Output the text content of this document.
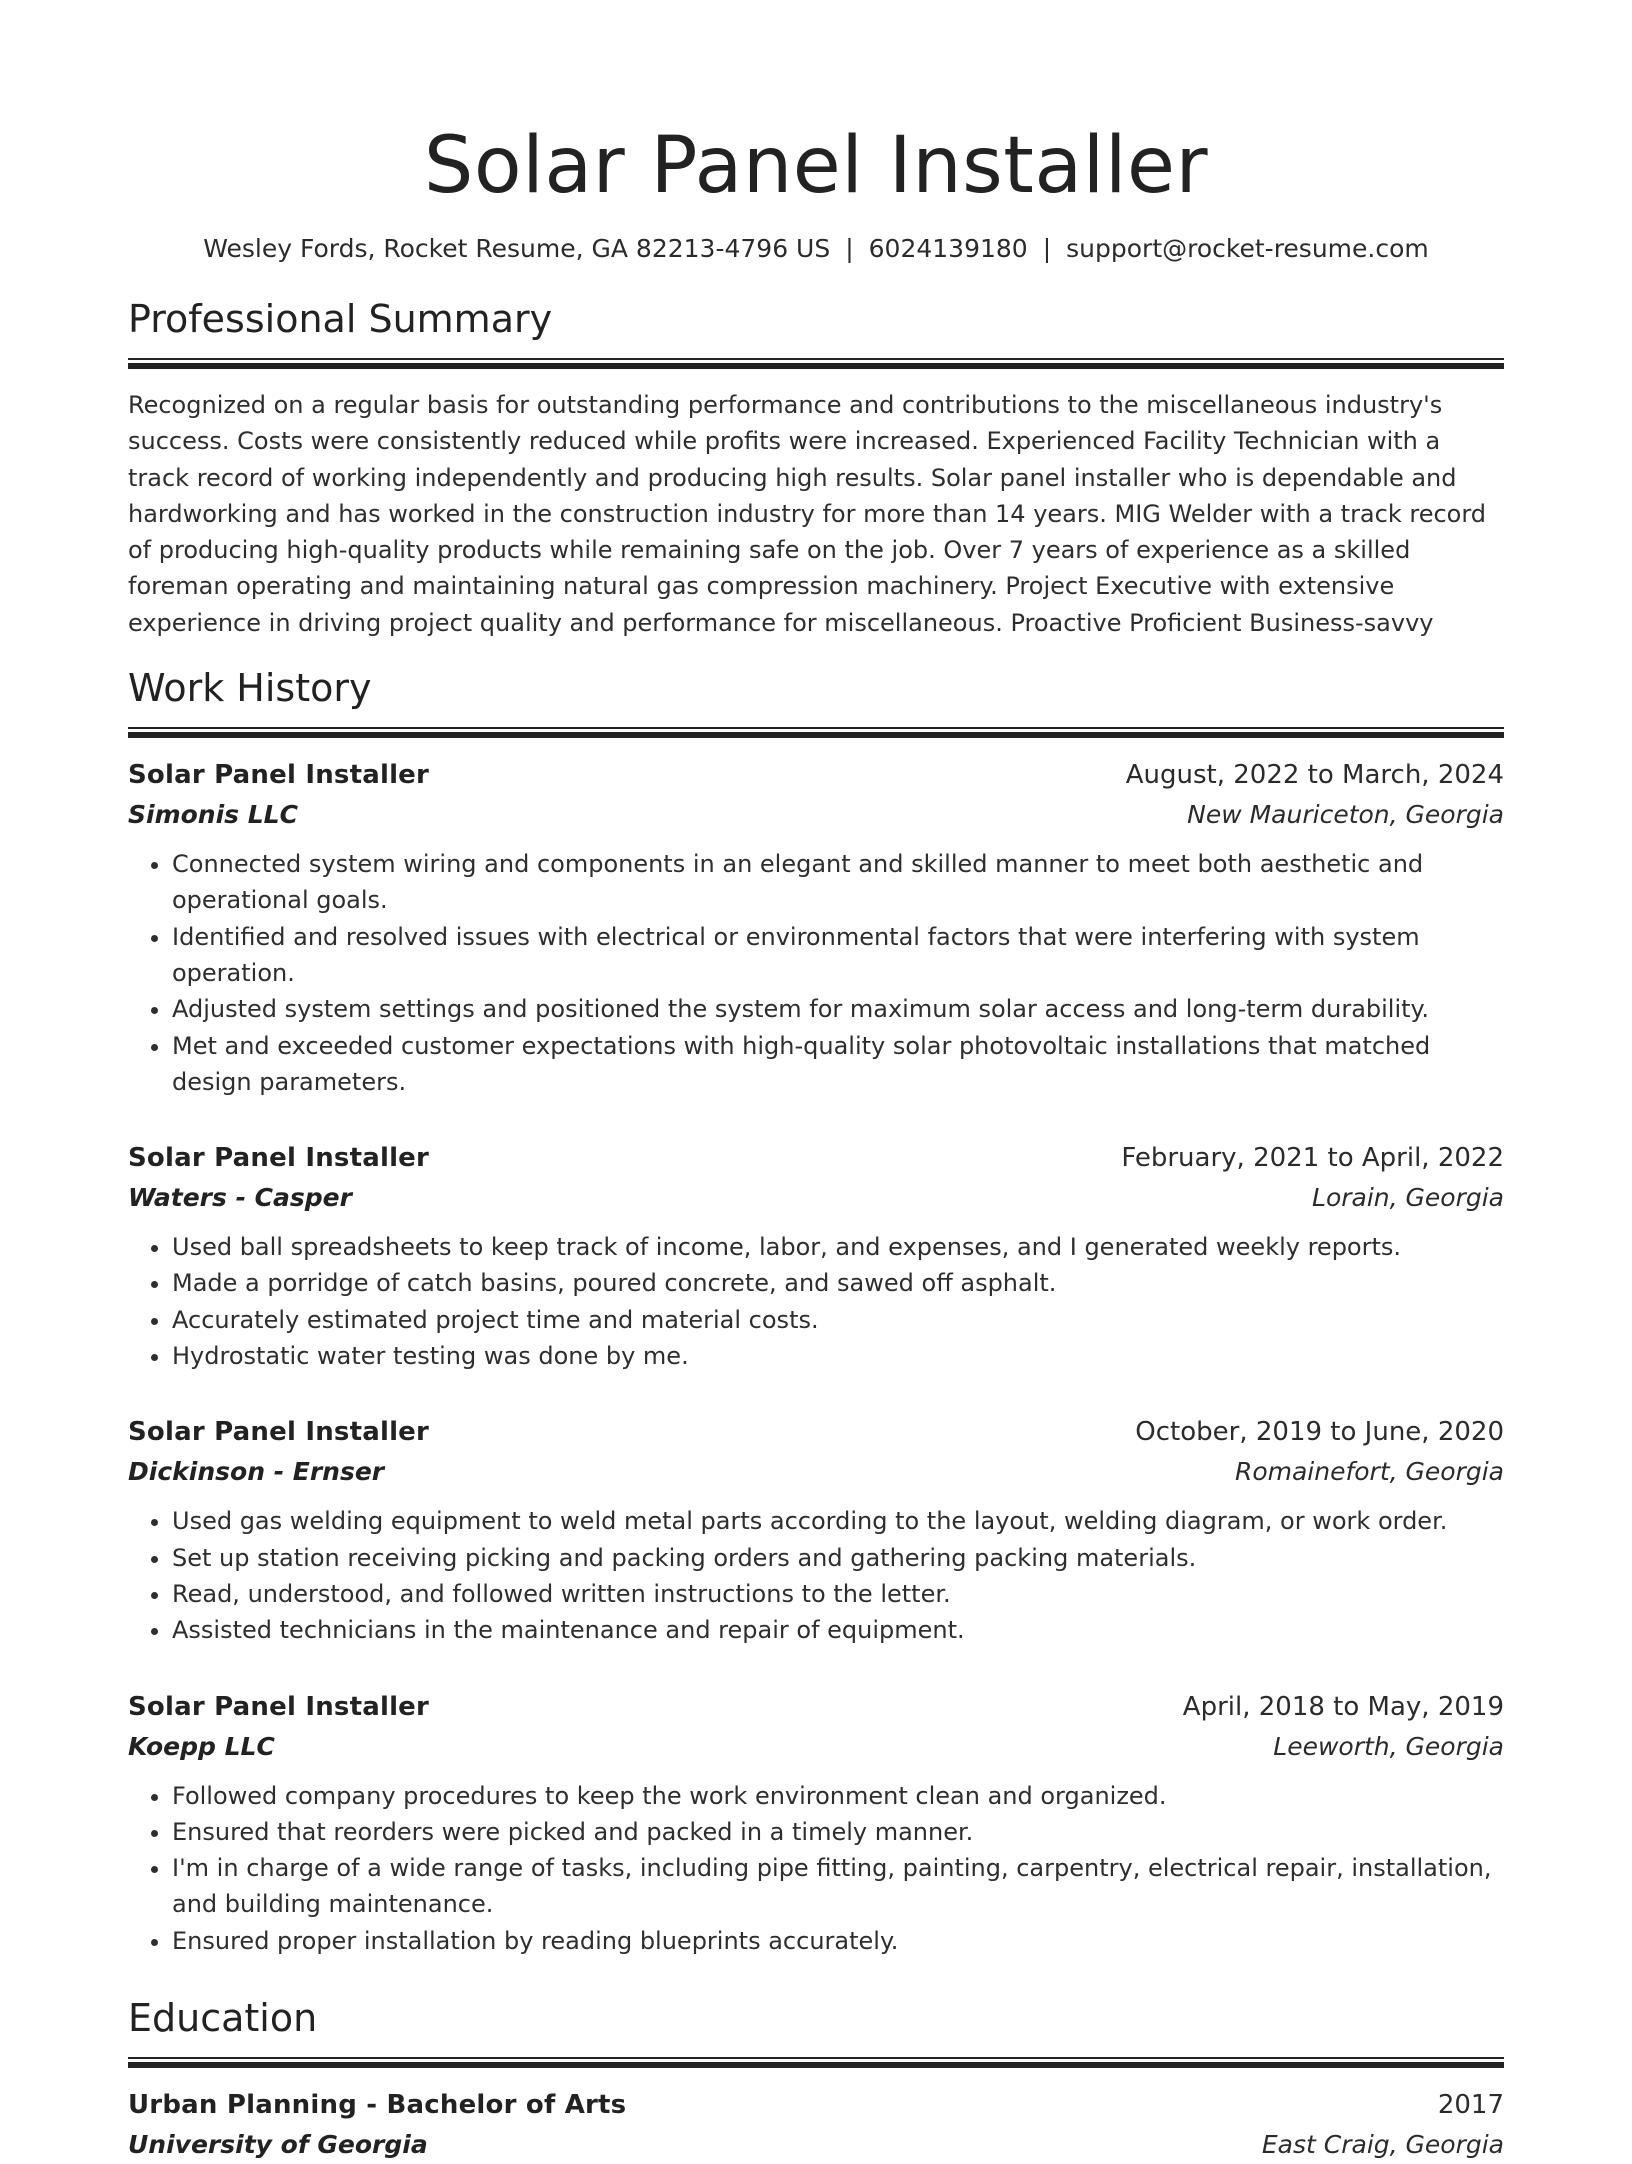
Solar Panel Installer
Wesley Fords, Rocket Resume, GA 82213-4796 US | 6024139180 | support@rocket-resume.com
Professional Summary

Recognized on a regular basis for outstanding performance and contributions to the miscellaneous industry's success. Costs were consistently reduced while profits were increased. Experienced Facility Technician with a track record of working independently and producing high results. Solar panel installer who is dependable and hardworking and has worked in the construction industry for more than 14 years. MIG Welder with a track record of producing high-quality products while remaining safe on the job. Over 7 years of experience as a skilled foreman operating and maintaining natural gas compression machinery. Project Executive with extensive experience in driving project quality and performance for miscellaneous. Proactive Proficient Business-savvy

Work History
Solar Panel Installer	August, 2022 to March, 2024
Simonis LLC	New Mauriceton, Georgia
• Connected system wiring and components in an elegant and skilled manner to meet both aesthetic and operational goals.
• Identified and resolved issues with electrical or environmental factors that were interfering with system operation.
• Adjusted system settings and positioned the system for maximum solar access and long-term durability.
• Met and exceeded customer expectations with high-quality solar photovoltaic installations that matched design parameters.
Solar Panel Installer	February, 2021 to April, 2022
Waters - Casper	Lorain, Georgia
• Used ball spreadsheets to keep track of income, labor, and expenses, and I generated weekly reports.
• Made a porridge of catch basins, poured concrete, and sawed off asphalt.
• Accurately estimated project time and material costs.
• Hydrostatic water testing was done by me.
Solar Panel Installer	October, 2019 to June, 2020
Dickinson - Ernser	Romainefort, Georgia
• Used gas welding equipment to weld metal parts according to the layout, welding diagram, or work order.
• Set up station receiving picking and packing orders and gathering packing materials.
• Read, understood, and followed written instructions to the letter.
• Assisted technicians in the maintenance and repair of equipment.
Solar Panel Installer	April, 2018 to May, 2019
Koepp LLC	Leeworth, Georgia
• Followed company procedures to keep the work environment clean and organized.
• Ensured that reorders were picked and packed in a timely manner.
• I'm in charge of a wide range of tasks, including pipe fitting, painting, carpentry, electrical repair, installation, and building maintenance.
• Ensured proper installation by reading blueprints accurately.
Education
Urban Planning - Bachelor of Arts	2017
University of Georgia	East Craig, Georgia
